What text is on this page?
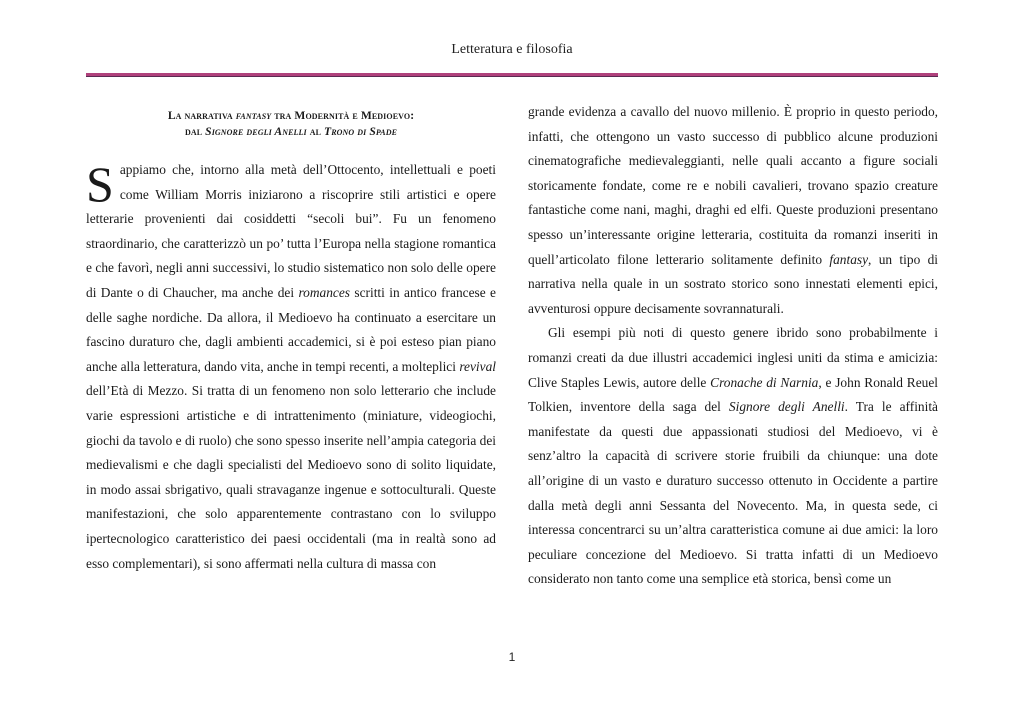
Letteratura e filosofia

La narrativa fantasy tra Modernità e Medioevo:
dal Signore degli Anelli al Trono di Spade

Sappiamo che, intorno alla metà dell’Ottocento, intellettuali e poeti come William Morris iniziarono a riscoprire stili artistici e opere letterarie provenienti dai cosiddetti “secoli bui”. Fu un fenomeno straordinario, che caratterizzò un po’ tutta l’Europa nella stagione romantica e che favorì, negli anni successivi, lo studio sistematico non solo delle opere di Dante o di Chaucher, ma anche dei romances scritti in antico francese e delle saghe nordiche. Da allora, il Medioevo ha continuato a esercitare un fascino duraturo che, dagli ambienti accademici, si è poi esteso pian piano anche alla letteratura, dando vita, anche in tempi recenti, a molteplici revival dell’Età di Mezzo. Si tratta di un fenomeno non solo letterario che include varie espressioni artistiche e di intrattenimento (miniature, videogiochi, giochi da tavolo e di ruolo) che sono spesso inserite nell’ampia categoria dei medievalismi e che dagli specialisti del Medioevo sono di solito liquidate, in modo assai sbrigativo, quali stravaganze ingenue e sottoculturali. Queste manifestazioni, che solo apparentemente contrastano con lo sviluppo ipertecnologico caratteristico dei paesi occidentali (ma in realtà sono ad esso complementari), si sono affermati nella cultura di massa con

grande evidenza a cavallo del nuovo millenio. È proprio in questo periodo, infatti, che ottengono un vasto successo di pubblico alcune produzioni cinematografiche medievaleggianti, nelle quali accanto a figure sociali storicamente fondate, come re e nobili cavalieri, trovano spazio creature fantastiche come nani, maghi, draghi ed elfi. Queste produzioni presentano spesso un’interessante origine letteraria, costituita da romanzi inseriti in quell’articolato filone letterario solitamente definito fantasy, un tipo di narrativa nella quale in un sostrato storico sono innestati elementi epici, avventurosi oppure decisamente sovrannaturali.

Gli esempi più noti di questo genere ibrido sono probabilmente i romanzi creati da due illustri accademici inglesi uniti da stima e amicizia: Clive Staples Lewis, autore delle Cronache di Narnia, e John Ronald Reuel Tolkien, inventore della saga del Signore degli Anelli. Tra le affinità manifestate da questi due appassionati studiosi del Medioevo, vi è senz’altro la capacità di scrivere storie fruibili da chiunque: una dote all’origine di un vasto e duraturo successo ottenuto in Occidente a partire dalla metà degli anni Sessanta del Novecento. Ma, in questa sede, ci interessa concentrarci su un’altra caratteristica comune ai due amici: la loro peculiare concezione del Medioevo. Si tratta infatti di un Medioevo considerato non tanto come una semplice età storica, bensì come un

1
